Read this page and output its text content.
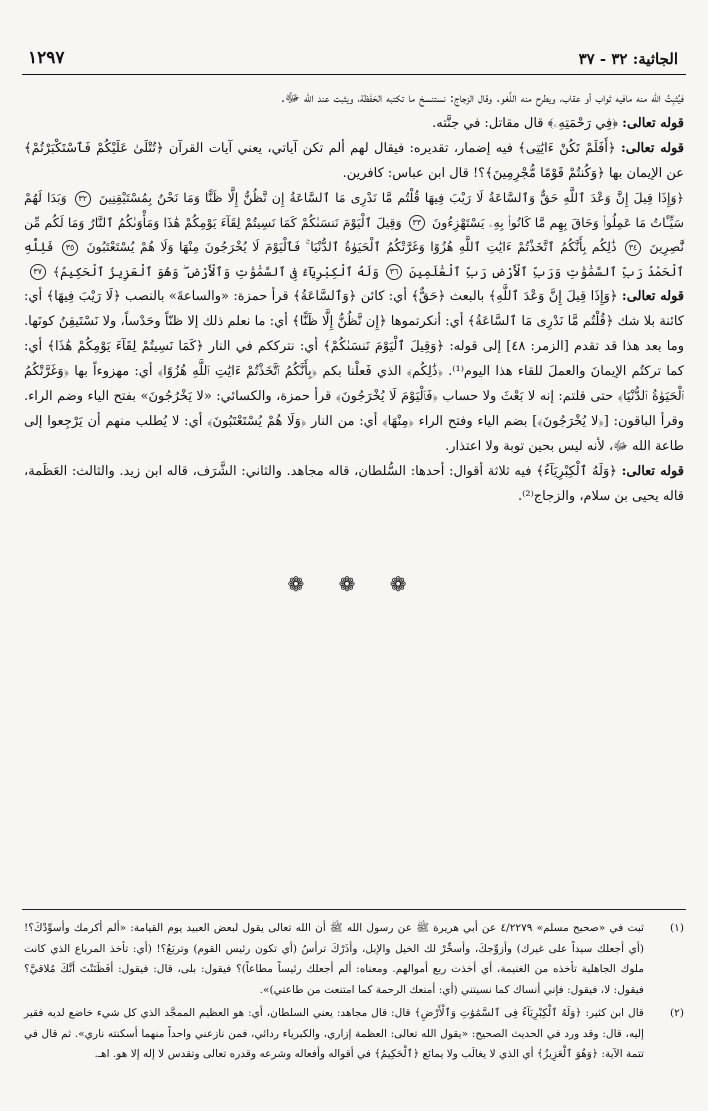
الجاثية: ٣٢ - ٣٧
١٢٩٧

فيُثبِتُ الله منه مافيه ثواب أو عقاب، ويطرح منه اللَّغو. وقال الزجاج: نستنسخ ما تكتبه الحَفَظة، ويثبت عند الله ﷻ.

قوله تعالى: ﴿فِي رَحْمَتِهِۦ﴾ قال مقاتل: في جنَّته.

قوله تعالى: ﴿أَفَلَمْ تَكُنْ ءَايَٰتِى﴾ فيه إضمار، تقديره: فيقال لهم ألم تكن آياتي، يعني آيات القرآن ﴿تُتْلَىٰ عَلَيْكُمْ فَٱسْتَكْبَرْتُمْ﴾ عن الإيمان بها ﴿وَكُنتُمْ قَوْمًا مُّجْرِمِينَ﴾؟! قال ابن عباس: كافرين.

﴿وَإِذَا قِيلَ إِنَّ وَعْدَ ٱللَّهِ حَقٌّ وَٱلسَّاعَةُ لَا رَيْبَ فِيهَا قُلْتُم مَّا نَدْرِى مَا ٱلسَّاعَةُ إِن نَّظُنُّ إِلَّا ظَنًّا وَمَا نَحْنُ بِمُسْتَيْقِنِينَ ٣٢ وَبَدَا لَهُمْ سَيِّـَٔاتُ مَا عَمِلُوا۟ وَحَاقَ بِهِم مَّا كَانُوا۟ بِهِۦ يَسْتَهْزِءُونَ ٣٣ وَقِيلَ ٱلْيَوْمَ نَنسَىٰكُمْ كَمَا نَسِيتُمْ لِقَآءَ يَوْمِكُمْ هَٰذَا وَمَأْوَىٰكُمُ ٱلنَّارُ وَمَا لَكُم مِّن نَّٰصِرِينَ ٣٤ ذَٰلِكُم بِأَنَّكُمُ ٱتَّخَذْتُمْ ءَايَٰتِ ٱللَّهِ هُزُوًا وَغَرَّتْكُمُ ٱلْحَيَوٰةُ ٱلدُّنْيَا ۚ فَٱلْيَوْمَ لَا يُخْرَجُونَ مِنْهَا وَلَا هُمْ يُسْتَعْتَبُونَ ٣٥ فَلِلَّهِ ٱلْحَمْدُ رَبِّ ٱلسَّمَٰوَٰتِ وَرَبِّ ٱلْأَرْضِ رَبِّ ٱلْعَٰلَمِينَ ٣٦ وَلَهُ ٱلْكِبْرِيَآءُ فِى ٱلسَّمَٰوَٰتِ وَٱلْأَرْضِ ۖ وَهُوَ ٱلْعَزِيزُ ٱلْحَكِيمُ﴾ ٣٧

قوله تعالى: ﴿وَإِذَا قِيلَ إِنَّ وَعْدَ ٱللَّهِ﴾ بالبعث ﴿حَقٌّ﴾ أي: كائن ﴿وَٱلسَّاعَةُ﴾ قرأ حمزة: «والساعةَ» بالنصب ﴿لَا رَيْبَ فِيهَا﴾ أي: كائنة بلا شك ﴿قُلْتُم مَّا نَدْرِى مَا ٱلسَّاعَةُ﴾ أي: أنكرتموها ﴿إِن نَّظُنُّ إِلَّا ظَنًّا﴾ أي: ما نعلم ذلك إلا ظنّاً وحَدْساً، ولا نَسْتَيقِنُ كونَها. وما بعد هذا قد تقدم [الزمر: ٤٨] إلى قوله: ﴿وَقِيلَ ٱلْيَوْمَ نَنسَىٰكُمْ﴾ أي: نترككم في النار ﴿كَمَا نَسِيتُمْ لِقَآءَ يَوْمِكُمْ هَٰذَا﴾ أي: كما تركتُم الإيمانَ والعملَ للقاء هذا اليوم⁽¹⁾. ﴿ذَٰلِكُم﴾ الذي فَعلْنا بكم ﴿بِأَنَّكُمُ ٱتَّخَذْتُمْ ءَايَٰتِ ٱللَّهِ هُزُوًا﴾ أي: مهزوءاً بها ﴿وَغَرَّتْكُمُ ٱلْحَيَوٰةُ ٱلدُّنْيَا﴾ حتى قلتم: إنه لا بَعْثَ ولا حساب ﴿فَٱلْيَوْمَ لَا يُخْرَجُونَ﴾ قرأ حمزة، والكسائي: «لا يَخْرُجُونَ» بفتح الياء وضم الراء. وقرأ الباقون: [﴿لا يُخْرَجُونَ﴾] بضم الياء وفتح الراء ﴿مِنْهَا﴾ أي: من النار ﴿وَلَا هُمْ يُسْتَعْتَبُونَ﴾ أي: لا يُطلب منهم أن يَرْجِعوا إلى طاعة الله ﷻ، لأنه ليس بحين توبة ولا اعتذار.

قوله تعالى: ﴿وَلَهُ ٱلْكِبْرِيَآءُ﴾ فيه ثلاثة أقوال: أحدها: السُّلطان، قاله مجاهد. والثاني: الشَّرَف، قاله ابن زيد. والثالث: العَظَمة، قاله يحيى بن سلام، والزجاج⁽²⁾.

❁ ❁ ❁

(١)
ثبت في «صحيح مسلم» ٤/٢٢٧٩ عن أبي هريرة ﷺ عن رسول الله ﷺ أن الله تعالى يقول لبعض العبيد يوم القيامة: «ألم أكرمك وأسوِّدْكَ؟! (أي أجعلك سيداً على غيرك) وأزوِّجكَ، وأسخِّرْ لك الخيل والإبل، وأذَرْكَ ترأسُ (أي تكون رئيس القوم) وتربَعُ؟! (أي: تأخذ المرباع الذي كانت ملوك الجاهلية تأخذه من الغنيمة، أي أخذت ربع أموالهم. ومعناه: ألم أجعلك رئيساً مطاعاً)؟ فيقول: بلى، قال: فيقول: أفَظَنَنْتَ أنَّكَ مُلاقيَّ؟ فيقول: لا، فيقول: فإني أنساك كما نسيتني (أي: أمنعك الرحمة كما امتنعت من طاعتي)».

(٢)
قال ابن كثير: ﴿وَلَهُ ٱلْكِبْرِيَآءُ فِى ٱلسَّمَٰوَٰتِ وَٱلْأَرْضِ﴾ قال: قال مجاهد: يعني السلطان، أي: هو العظيم الممجَّد الذي كل شيء خاضع لديه فقير إليه، قال: وقد ورد في الحديث الصحيح: «يقول الله تعالى: العظمة إزاري، والكبرياء ردائي، فمن نازعني واحداً منهما أسكنته ناري». ثم قال في تتمة الآية: ﴿وَهُوَ ٱلْعَزِيزُ﴾ أي الذي لا يغالَب ولا يمانَع ﴿ٱلْحَكِيمُ﴾ في أقواله وأفعاله وشرعه وقدره تعالى وتقدس لا إله إلا هو. اهـ.
